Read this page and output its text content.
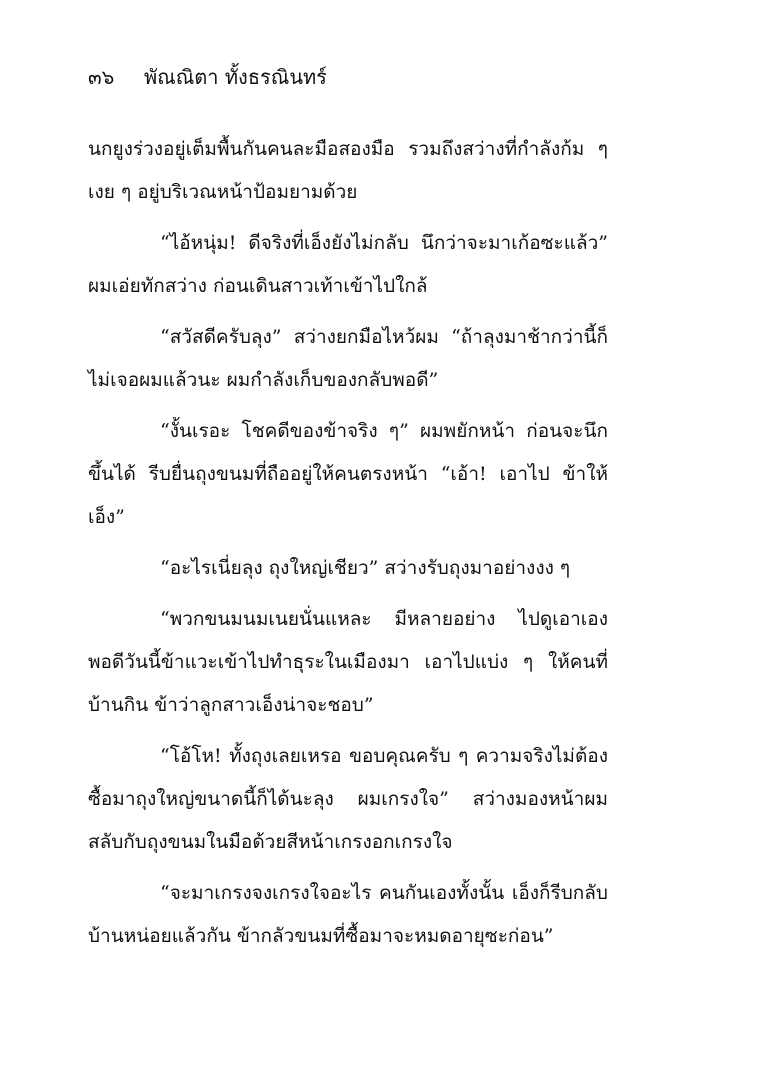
๓๖ พัณณิตา ทั้งธรณินทร์

นกยูงร่วงอยู่เต็มพื้นกันคนละมือสองมือ รวมถึงสว่างที่กำลังก้ม ๆ เงย ๆ อยู่บริเวณหน้าป้อมยามด้วย

“ไอ้หนุ่ม! ดีจริงที่เอ็งยังไม่กลับ นึกว่าจะมาเก้อซะแล้ว” ผมเอ่ยทักสว่าง ก่อนเดินสาวเท้าเข้าไปใกล้

“สวัสดีครับลุง” สว่างยกมือไหว้ผม “ถ้าลุงมาช้ากว่านี้ก็ไม่เจอผมแล้วนะ ผมกำลังเก็บของกลับพอดี”

“งั้นเรอะ โชคดีของข้าจริง ๆ” ผมพยักหน้า ก่อนจะนึกขึ้นได้ รีบยื่นถุงขนมที่ถืออยู่ให้คนตรงหน้า “เอ้า! เอาไป ข้าให้เอ็ง”

“อะไรเนี่ยลุง ถุงใหญ่เชียว” สว่างรับถุงมาอย่างงง ๆ

“พวกขนมนมเนยนั่นแหละ มีหลายอย่าง ไปดูเอาเอง พอดีวันนี้ข้าแวะเข้าไปทำธุระในเมืองมา เอาไปแบ่ง ๆ ให้คนที่บ้านกิน ข้าว่าลูกสาวเอ็งน่าจะชอบ”

“โอ้โห! ทั้งถุงเลยเหรอ ขอบคุณครับ ๆ ความจริงไม่ต้องซื้อมาถุงใหญ่ขนาดนี้ก็ได้นะลุง ผมเกรงใจ” สว่างมองหน้าผม สลับกับถุงขนมในมือด้วยสีหน้าเกรงอกเกรงใจ

“จะมาเกรงจงเกรงใจอะไร คนกันเองทั้งนั้น เอ็งก็รีบกลับบ้านหน่อยแล้วกัน ข้ากลัวขนมที่ซื้อมาจะหมดอายุซะก่อน”
